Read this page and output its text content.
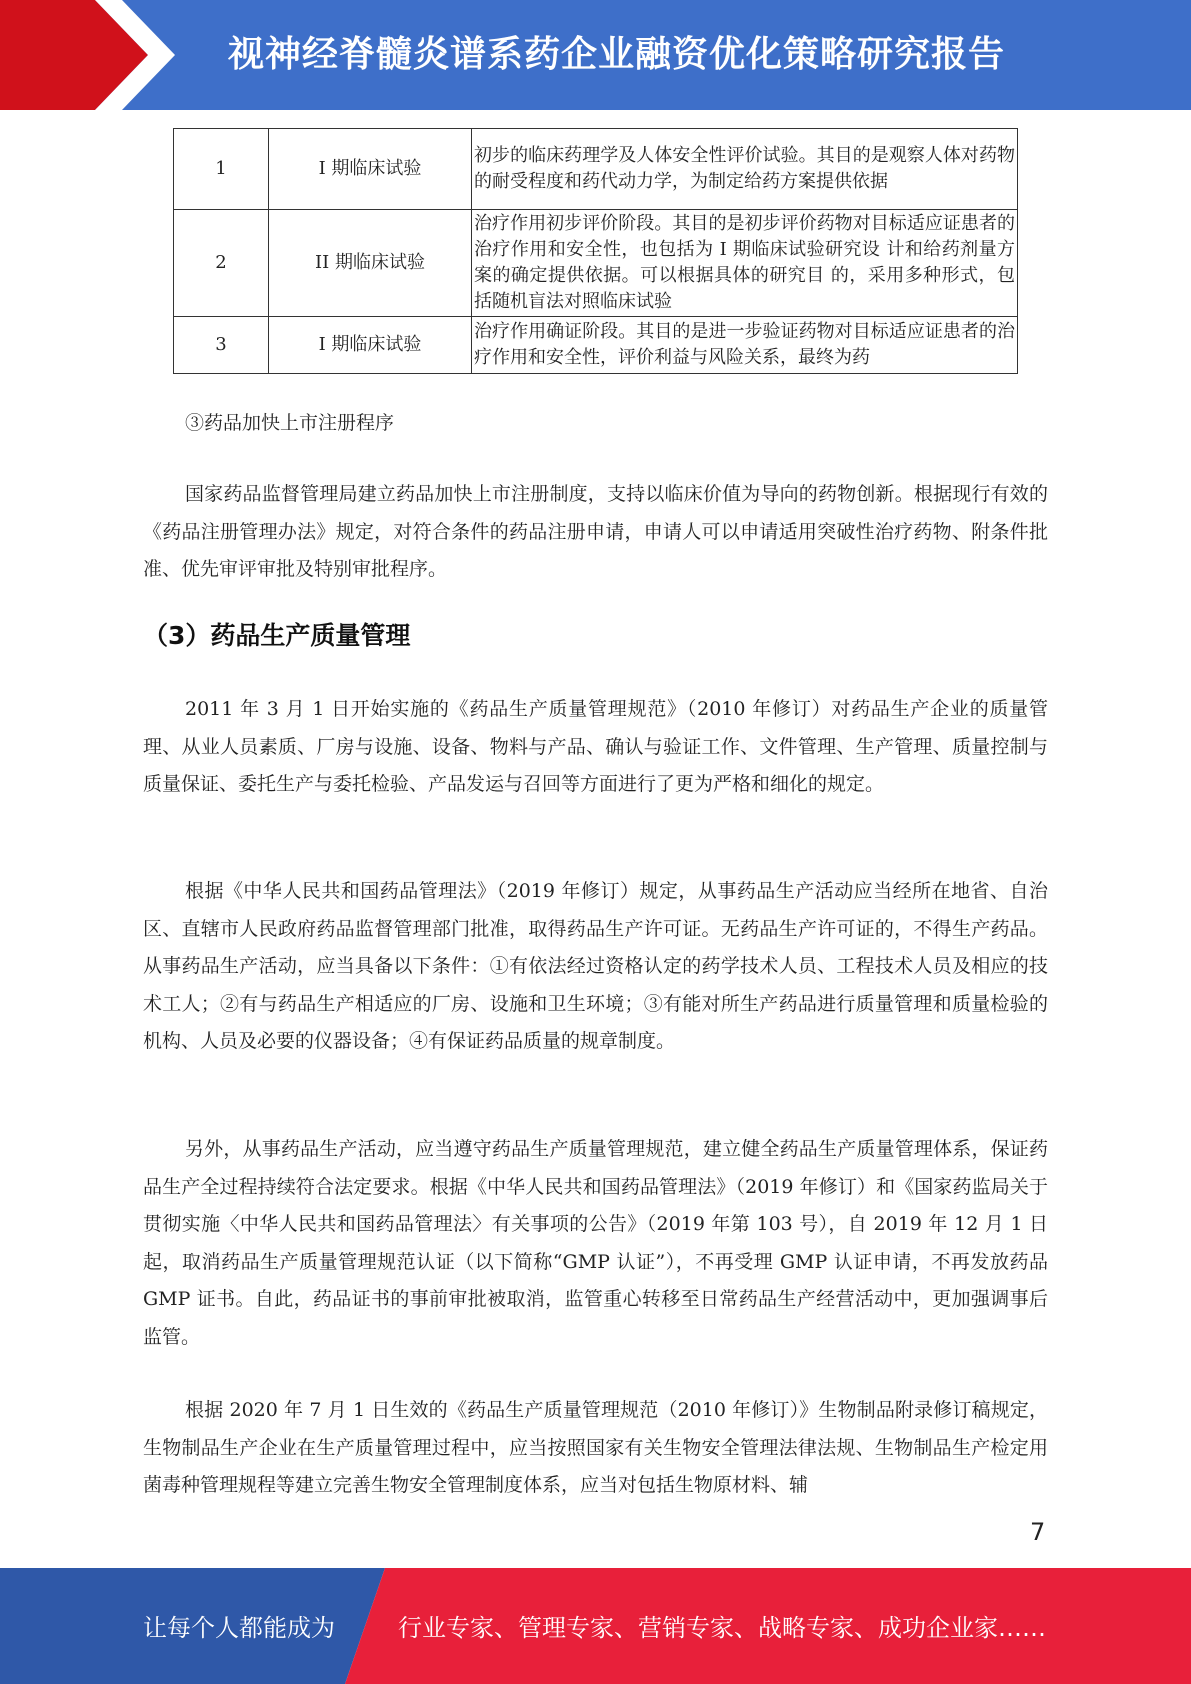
视神经脊髓炎谱系药企业融资优化策略研究报告
1	I 期临床试验	初步的临床药理学及人体安全性评价试验。其目的是观察人体对药物的耐受程度和药代动力学，为制定给药方案提供依据
2	II 期临床试验	治疗作用初步评价阶段。其目的是初步评价药物对目标适应证患者的治疗作用和安全性，也包括为 I 期临床试验研究设 计和给药剂量方案的确定提供依据。可以根据具体的研究目 的，采用多种形式，包括随机盲法对照临床试验
3	I 期临床试验	治疗作用确证阶段。其目的是进一步验证药物对目标适应证患者的治疗作用和安全性，评价利益与风险关系，最终为药
③药品加快上市注册程序
国家药品监督管理局建立药品加快上市注册制度，支持以临床价值为导向的药物创新。根据现行有效的《药品注册管理办法》规定，对符合条件的药品注册申请，申请人可以申请适用突破性治疗药物、附条件批准、优先审评审批及特别审批程序。
（3）药品生产质量管理
2011 年 3 月 1 日开始实施的《药品生产质量管理规范》（2010 年修订）对药品生产企业的质量管理、从业人员素质、厂房与设施、设备、物料与产品、确认与验证工作、文件管理、生产管理、质量控制与质量保证、委托生产与委托检验、产品发运与召回等方面进行了更为严格和细化的规定。
根据《中华人民共和国药品管理法》（2019 年修订）规定，从事药品生产活动应当经所在地省、自治区、直辖市人民政府药品监督管理部门批准，取得药品生产许可证。无药品生产许可证的，不得生产药品。从事药品生产活动，应当具备以下条件：①有依法经过资格认定的药学技术人员、工程技术人员及相应的技术工人；②有与药品生产相适应的厂房、设施和卫生环境；③有能对所生产药品进行质量管理和质量检验的机构、人员及必要的仪器设备；④有保证药品质量的规章制度。
另外，从事药品生产活动，应当遵守药品生产质量管理规范，建立健全药品生产质量管理体系，保证药品生产全过程持续符合法定要求。根据《中华人民共和国药品管理法》（2019 年修订）和《国家药监局关于贯彻实施〈中华人民共和国药品管理法〉有关事项的公告》（2019 年第 103 号），自 2019 年 12 月 1 日起，取消药品生产质量管理规范认证（以下简称“GMP 认证”），不再受理 GMP 认证申请，不再发放药品 GMP 证书。自此，药品证书的事前审批被取消，监管重心转移至日常药品生产经营活动中，更加强调事后监管。
根据 2020 年 7 月 1 日生效的《药品生产质量管理规范（2010 年修订）》生物制品附录修订稿规定，生物制品生产企业在生产质量管理过程中，应当按照国家有关生物安全管理法律法规、生物制品生产检定用菌毒种管理规程等建立完善生物安全管理制度体系，应当对包括生物原材料、辅
7
让每个人都能成为	行业专家、管理专家、营销专家、战略专家、成功企业家……
